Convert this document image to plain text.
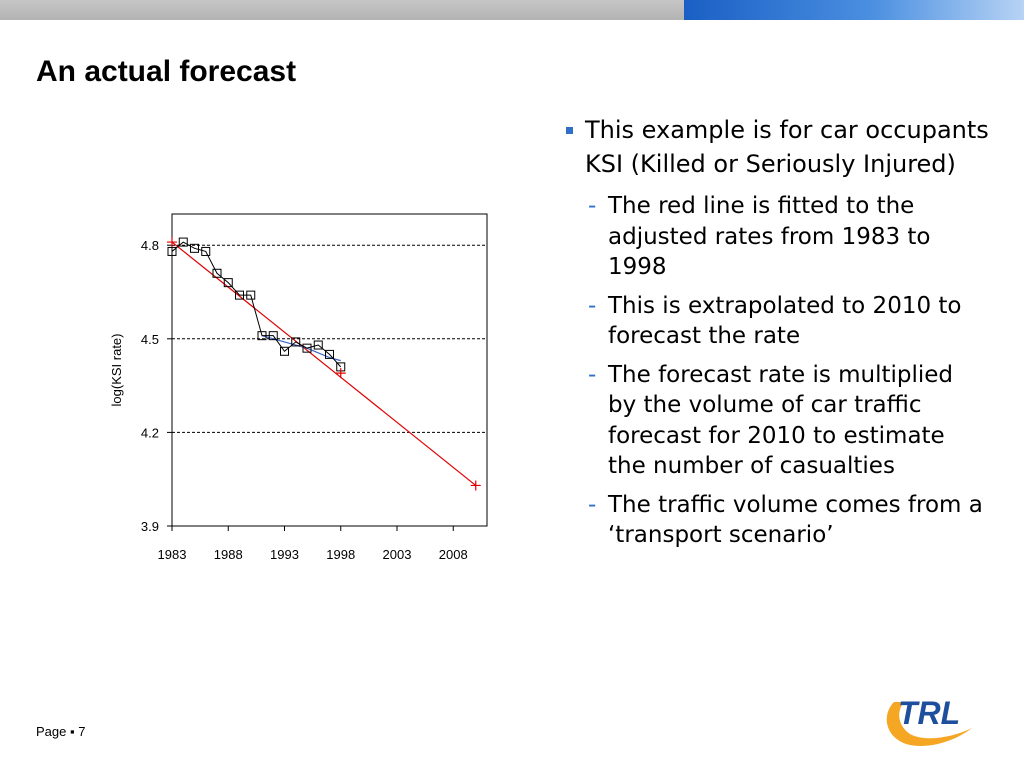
An actual forecast
3.9
4.2
4.5
4.8
1983 1988 1993 1998 2003 2008
log(KSI rate)
This example is for car occupants KSI (Killed or Seriously Injured)
- The red line is fitted to the adjusted rates from 1983 to 1998
- This is extrapolated to 2010 to forecast the rate
- The forecast rate is multiplied by the volume of car traffic forecast for 2010 to estimate the number of casualties
- The traffic volume comes from a ‘transport scenario’
Page ▪ 7
TRL
